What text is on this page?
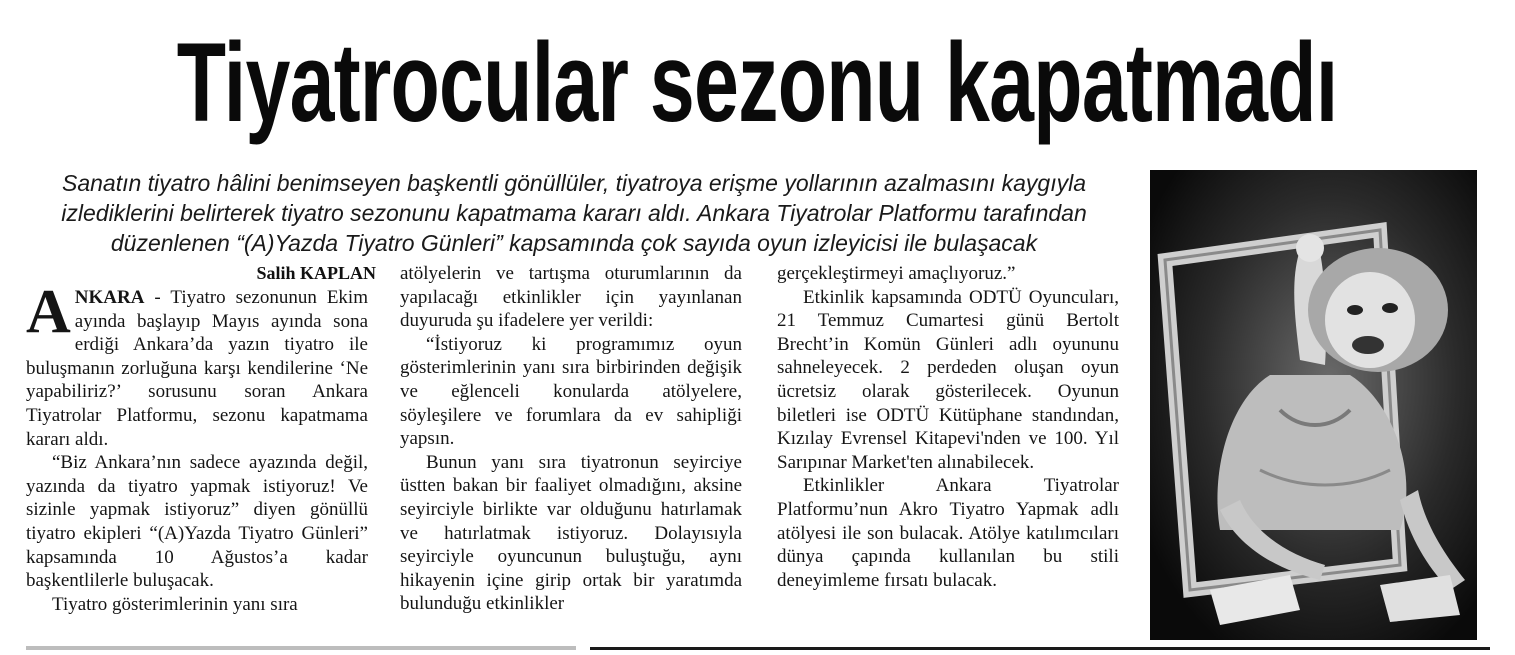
Tiyatrocular sezonu kapatmadı
Sanatın tiyatro hâlini benimseyen başkentli gönüllüler, tiyatroya erişme yollarının azalmasını kaygıyla
izlediklerini belirterek tiyatro sezonunu kapatmama kararı aldı. Ankara Tiyatrolar Platformu tarafından
düzenlenen “(A)Yazda Tiyatro Günleri” kapsamında çok sayıda oyun izleyicisi ile bulaşacak
Salih KAPLAN

ANKARA - Tiyatro sezonunun Ekim ayında başlayıp Mayıs ayında sona erdiği Ankara’da yazın tiyatro ile buluşmanın zorluğuna karşı kendilerine ‘Ne yapabiliriz?’ sorusunu soran Ankara Tiyatrolar Platformu, sezonu kapatmama kararı aldı.

“Biz Ankara’nın sadece ayazında değil, yazında da tiyatro yapmak istiyoruz! Ve sizinle yapmak istiyoruz” diyen gönüllü tiyatro ekipleri “(A)Yazda Tiyatro Günleri” kapsamında 10 Ağustos’a kadar başkentlilerle buluşacak.

Tiyatro gösterimlerinin yanı sıra

atölyelerin ve tartışma oturumlarının da yapılacağı etkinlikler için yayınlanan duyuruda şu ifadelere yer verildi:

“İstiyoruz ki programımız oyun gösterimlerinin yanı sıra birbirinden değişik ve eğlenceli konularda atölyelere, söyleşilere ve forumlara da ev sahipliği yapsın.

Bunun yanı sıra tiyatronun seyirciye üstten bakan bir faaliyet olmadığını, aksine seyirciyle birlikte var olduğunu hatırlamak ve hatırlatmak istiyoruz. Dolayısıyla seyirciyle oyuncunun buluştuğu, aynı hikayenin içine girip ortak bir yaratımda bulunduğu etkinlikler

gerçekleştirmeyi amaçlıyoruz.”

Etkinlik kapsamında ODTÜ Oyuncuları, 21 Temmuz Cumartesi günü Bertolt Brecht’in Komün Günleri adlı oyununu sahneleyecek. 2 perdeden oluşan oyun ücretsiz olarak gösterilecek. Oyunun biletleri ise ODTÜ Kütüphane standından, Kızılay Evrensel Kitapevi'nden ve 100. Yıl Sarıpınar Market'ten alınabilecek.

Etkinlikler Ankara Tiyatrolar Platformu’nun Akro Tiyatro Yapmak adlı atölyesi ile son bulacak. Atölye katılımcıları dünya çapında kullanılan bu stili deneyimleme fırsatı bulacak.
